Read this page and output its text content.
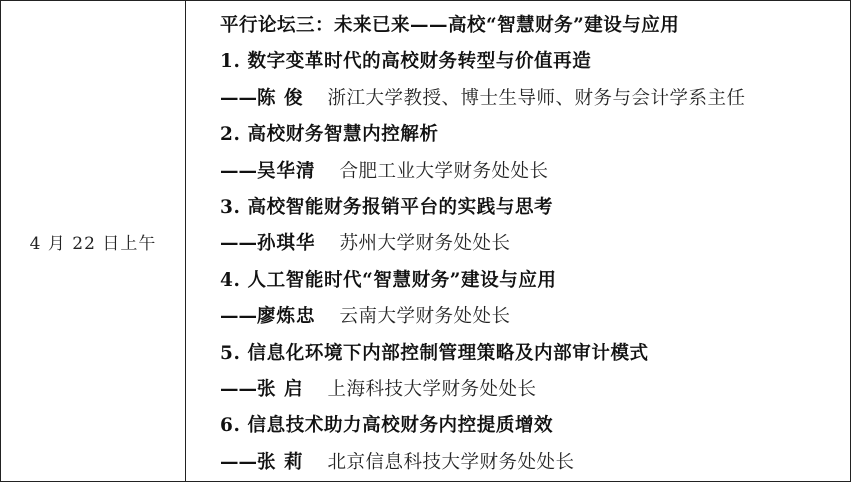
4 月 22 日上午
平行论坛三：未来已来——高校“智慧财务”建设与应用
1. 数字变革时代的高校财务转型与价值再造
——陈 俊 浙江大学教授、博士生导师、财务与会计学系主任
2. 高校财务智慧内控解析
——吴华清 合肥工业大学财务处处长
3. 高校智能财务报销平台的实践与思考
——孙琪华 苏州大学财务处处长
4. 人工智能时代“智慧财务”建设与应用
——廖炼忠 云南大学财务处处长
5. 信息化环境下内部控制管理策略及内部审计模式
——张 启 上海科技大学财务处处长
6. 信息技术助力高校财务内控提质增效
——张 莉 北京信息科技大学财务处处长
